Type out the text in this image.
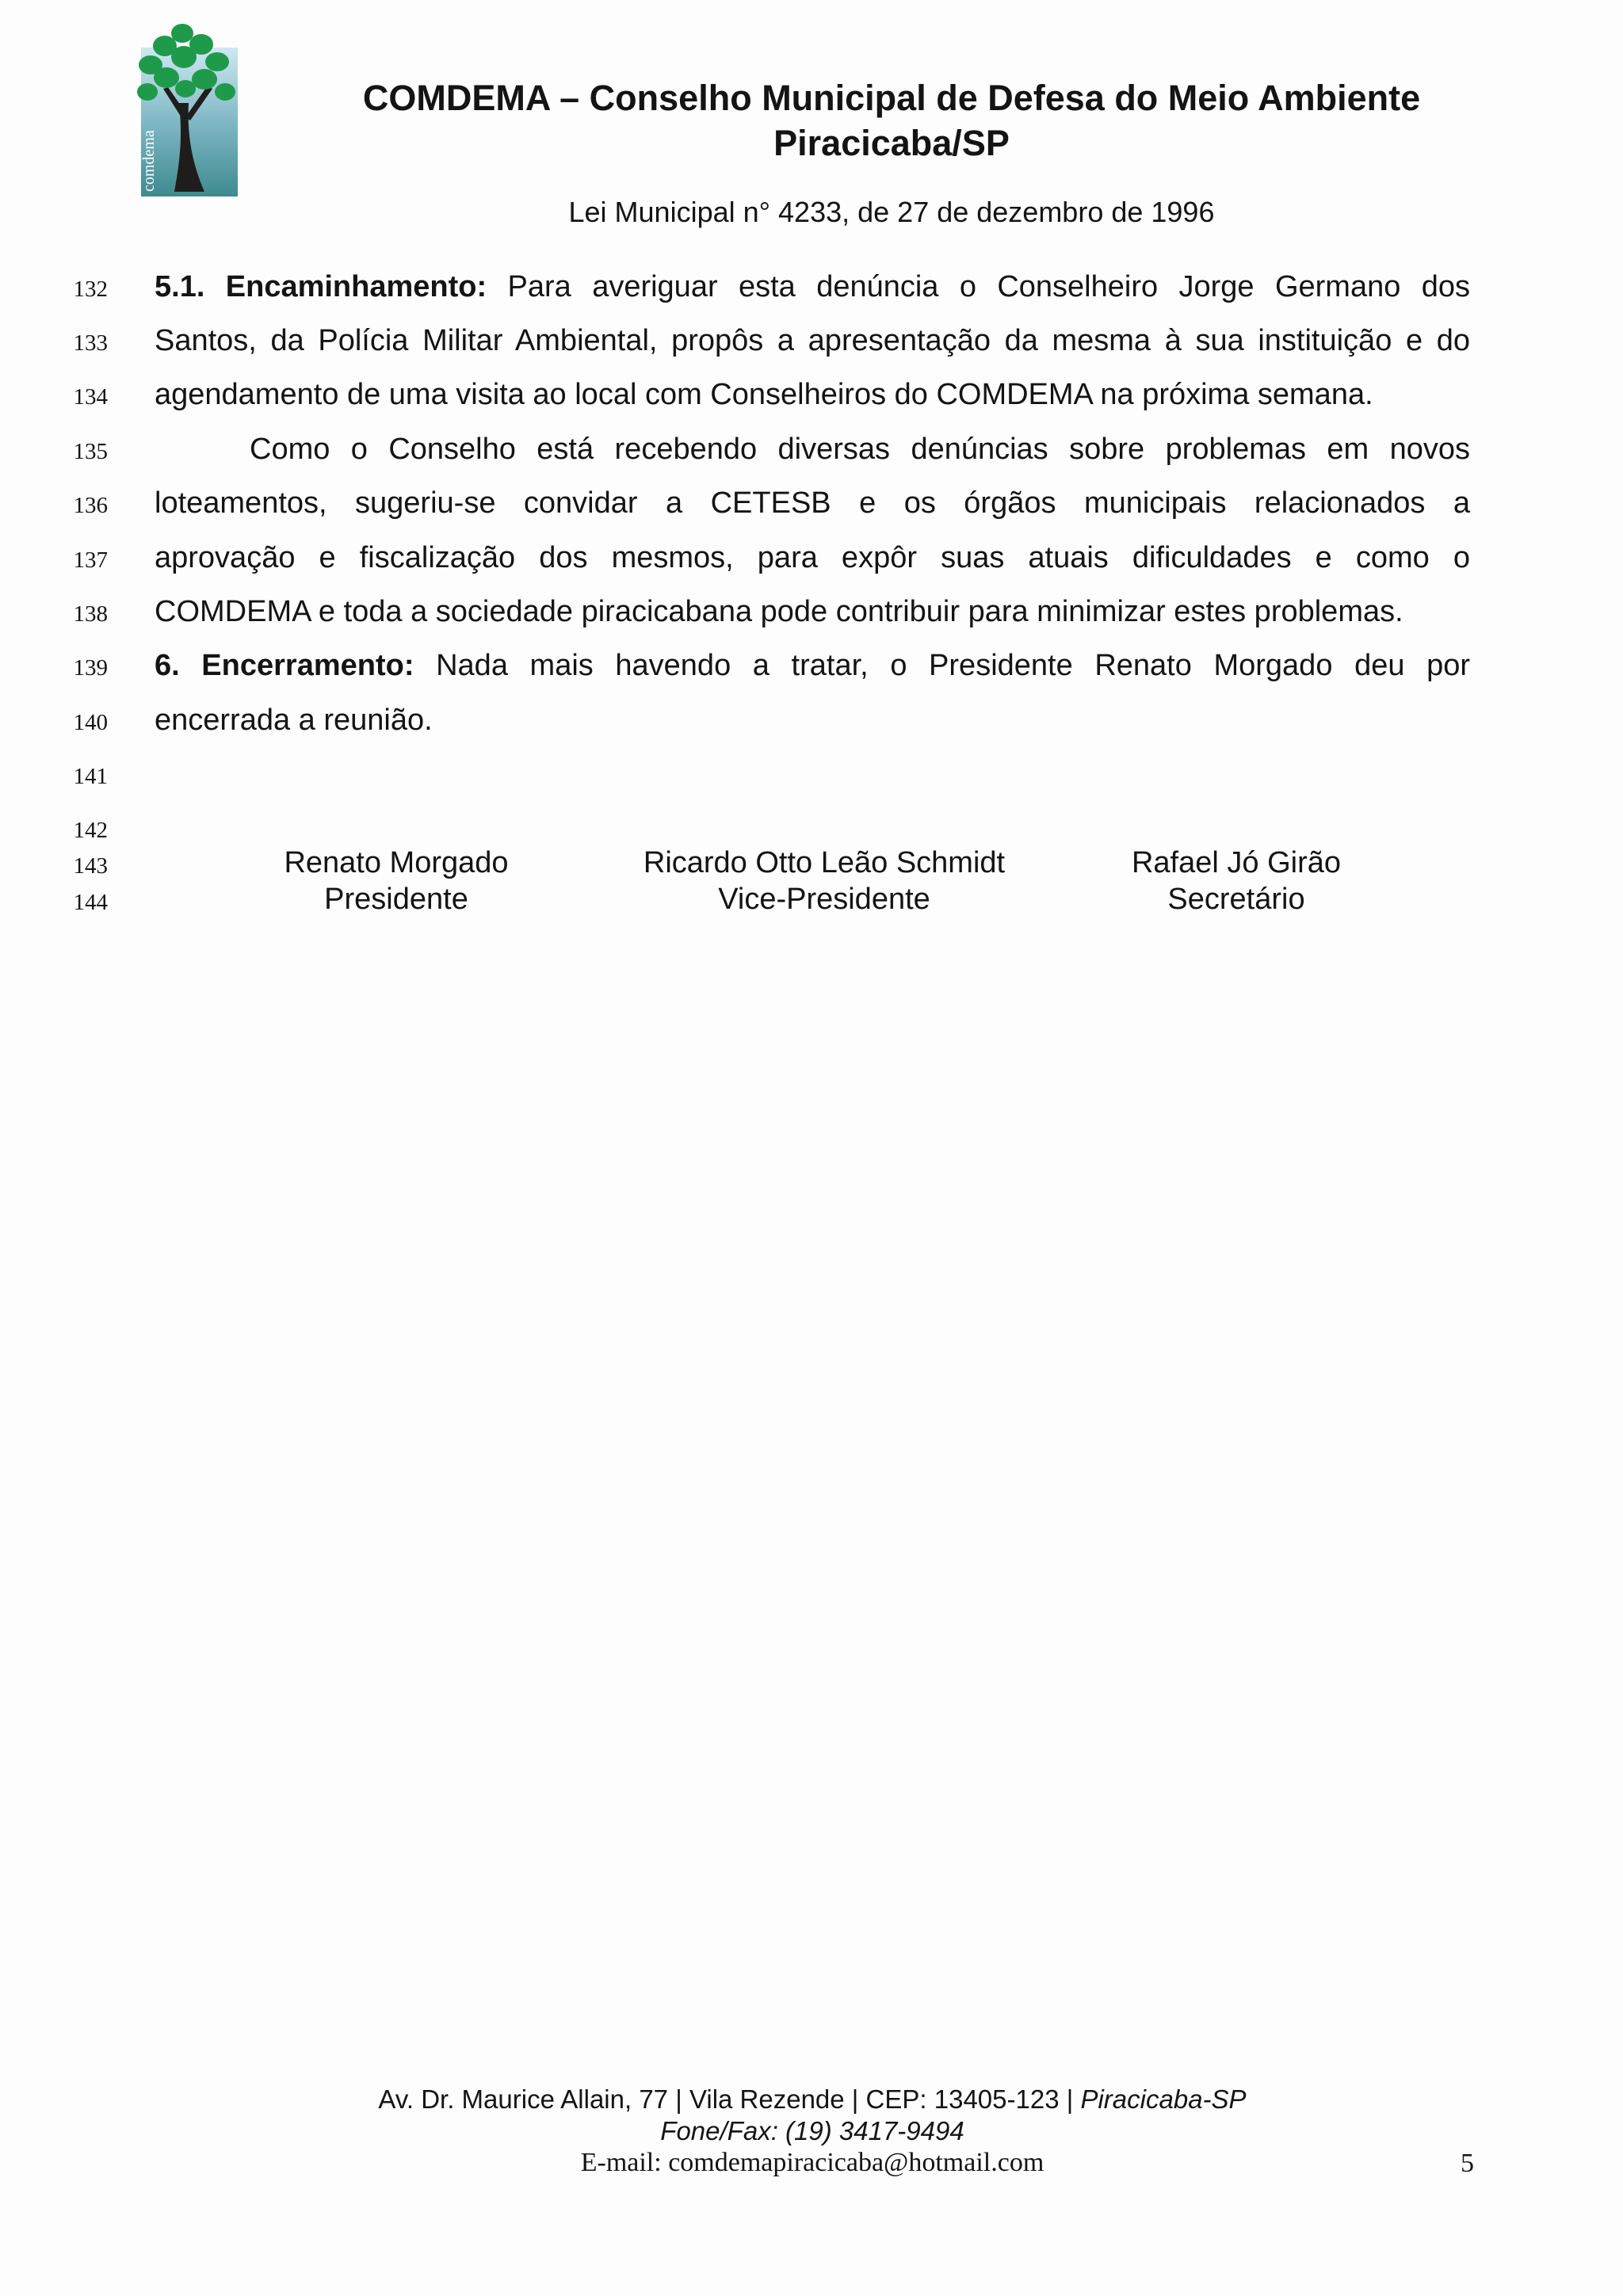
comdema
COMDEMA – Conselho Municipal de Defesa do Meio Ambiente
Piracicaba/SP
Lei Municipal n° 4233, de 27 de dezembro de 1996
132
133
134
135
136
137
138
139
140
141
142
143
144
5.1. Encaminhamento: Para averiguar esta denúncia o Conselheiro Jorge Germano dos
Santos, da Polícia Militar Ambiental, propôs a apresentação da mesma à sua instituição e do
agendamento de uma visita ao local com Conselheiros do COMDEMA na próxima semana.
Como o Conselho está recebendo diversas denúncias sobre problemas em novos
loteamentos, sugeriu-se convidar a CETESB e os órgãos municipais relacionados a
aprovação e fiscalização dos mesmos, para expôr suas atuais dificuldades e como o
COMDEMA e toda a sociedade piracicabana pode contribuir para minimizar estes problemas.
6. Encerramento: Nada mais havendo a tratar, o Presidente Renato Morgado deu por
encerrada a reunião.
Renato Morgado
Presidente
Ricardo Otto Leão Schmidt
Vice-Presidente
Rafael Jó Girão
Secretário
Av. Dr. Maurice Allain, 77 | Vila Rezende | CEP: 13405-123 | Piracicaba-SP
Fone/Fax: (19) 3417-9494
E-mail: comdemapiracicaba@hotmail.com	5
